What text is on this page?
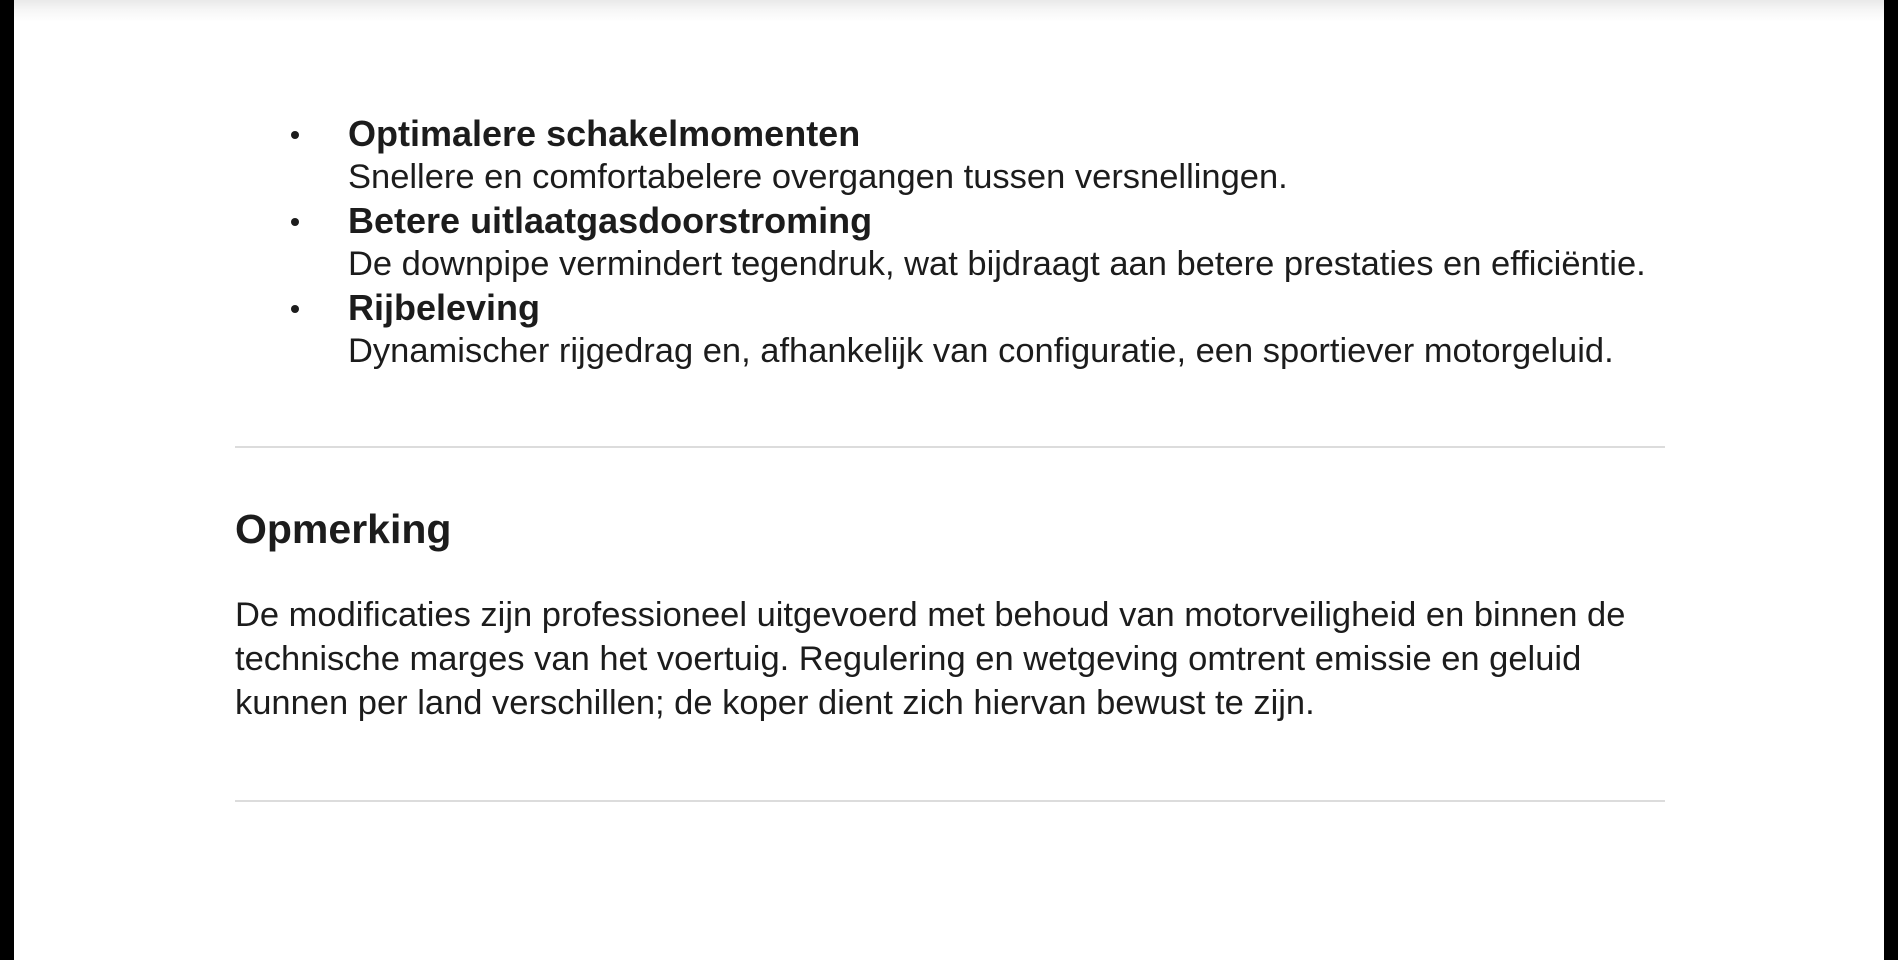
Optimalere schakelmomenten
Snellere en comfortabelere overgangen tussen versnellingen.
Betere uitlaatgasdoorstroming
De downpipe vermindert tegendruk, wat bijdraagt aan betere prestaties en efficiëntie.
Rijbeleving
Dynamischer rijgedrag en, afhankelijk van configuratie, een sportiever motorgeluid.
Opmerking

De modificaties zijn professioneel uitgevoerd met behoud van motorveiligheid en binnen de technische marges van het voertuig. Regulering en wetgeving omtrent emissie en geluid kunnen per land verschillen; de koper dient zich hiervan bewust te zijn.
